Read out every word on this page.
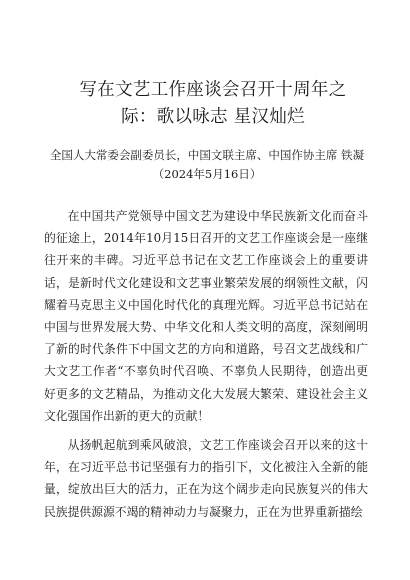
写在文艺工作座谈会召开十周年之际：歌以咏志 星汉灿烂
全国人大常委会副委员长，中国文联主席、中国作协主席 铁凝
（2024年5月16日）

在中国共产党领导中国文艺为建设中华民族新文化而奋斗的征途上，2014年10月15日召开的文艺工作座谈会是一座继往开来的丰碑。习近平总书记在文艺工作座谈会上的重要讲话，是新时代文化建设和文艺事业繁荣发展的纲领性文献，闪耀着马克思主义中国化时代化的真理光辉。习近平总书记站在中国与世界发展大势、中华文化和人类文明的高度，深刻阐明了新的时代条件下中国文艺的方向和道路，号召文艺战线和广大文艺工作者“不辜负时代召唤、不辜负人民期待，创造出更好更多的文艺精品，为推动文化大发展大繁荣、建设社会主义文化强国作出新的更大的贡献！

从扬帆起航到乘风破浪，文艺工作座谈会召开以来的这十年，在习近平总书记坚强有力的指引下，文化被注入全新的能量，绽放出巨大的活力，正在为这个阔步走向民族复兴的伟大民族提供源源不竭的精神动力与凝聚力，正在为世界重新描绘
